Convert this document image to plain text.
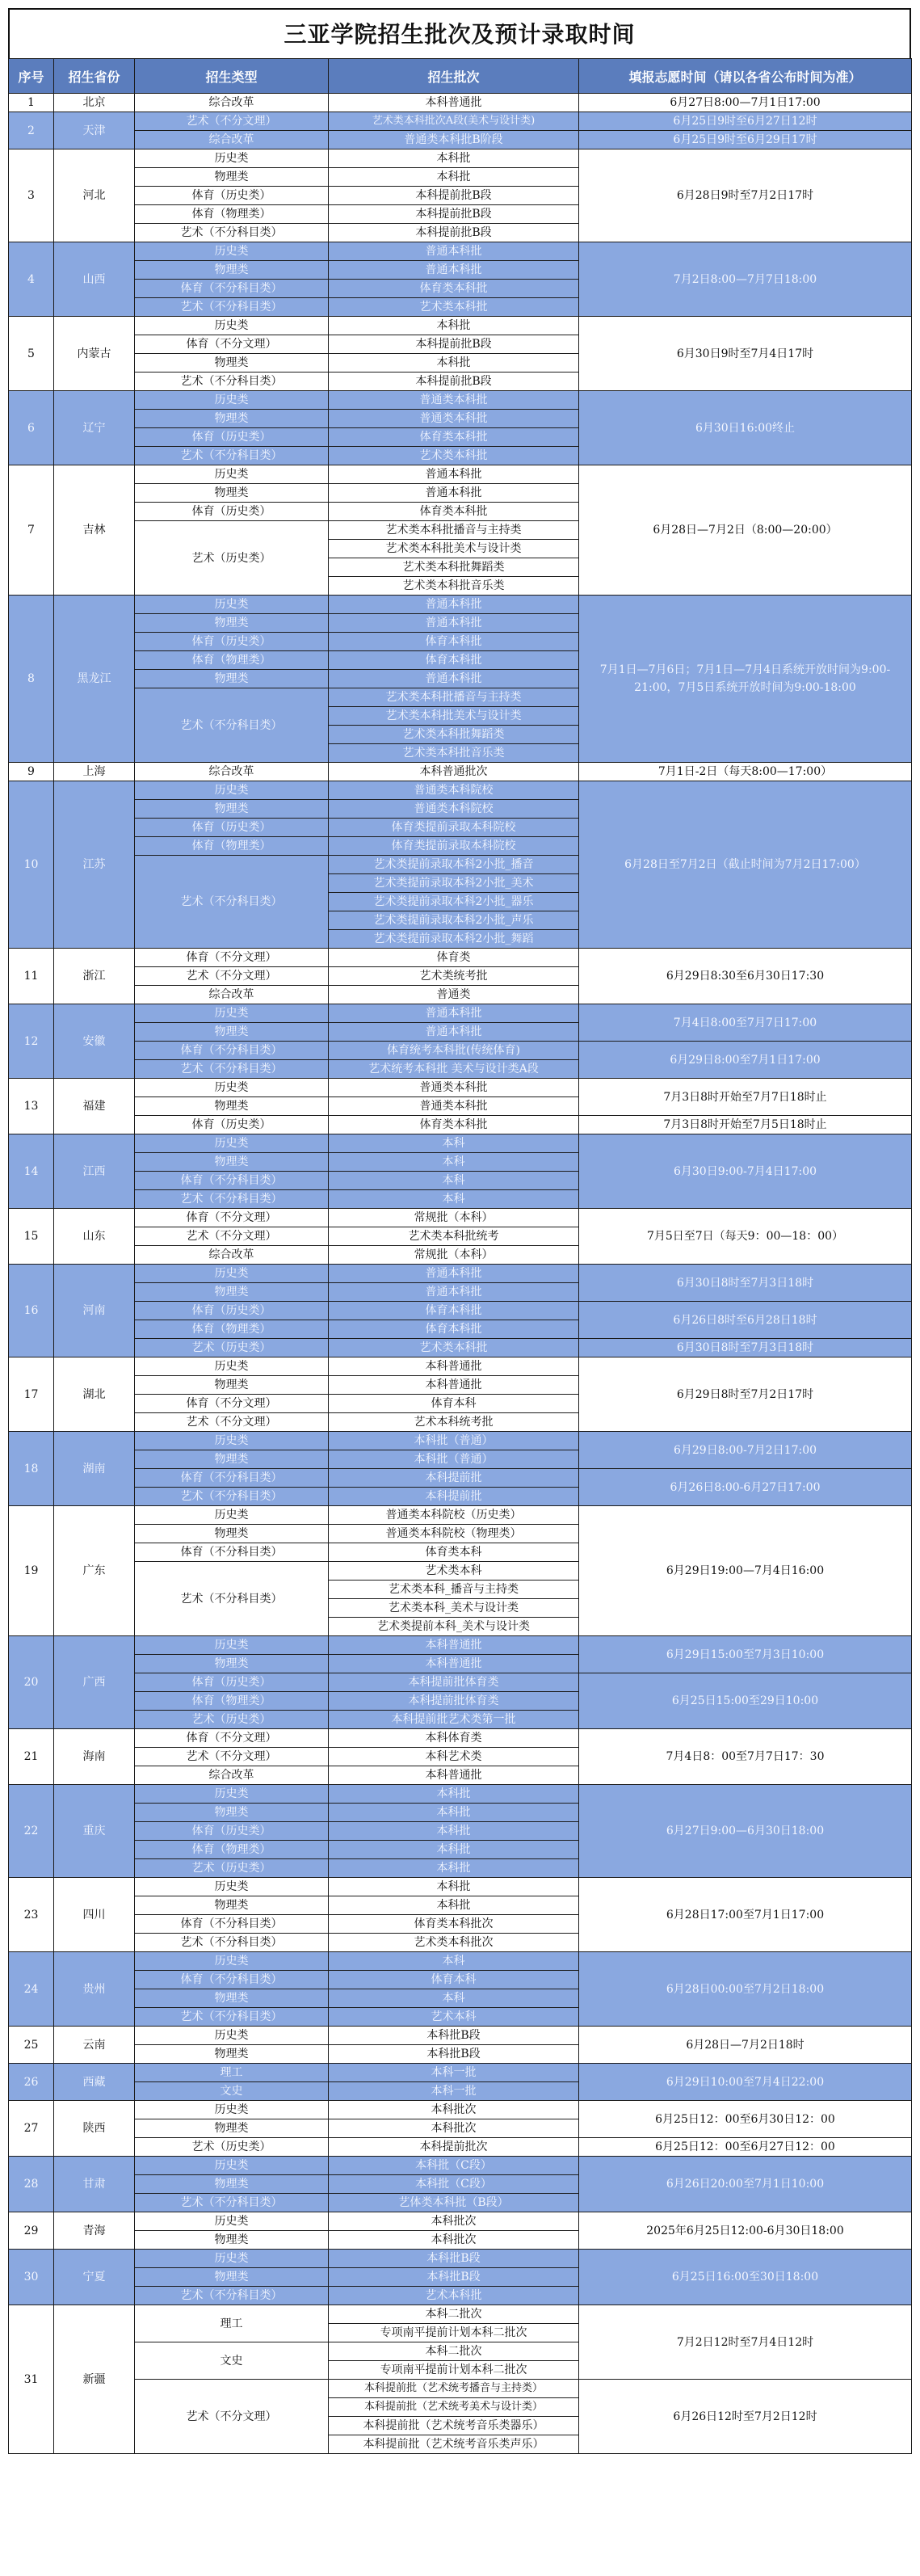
三亚学院招生批次及预计录取时间
序号	招生省份	招生类型	招生批次	填报志愿时间（请以各省公布时间为准）
1	北京	综合改革	本科普通批	6月27日8:00—7月1日17:00
2	天津	艺术（不分文理）	艺术类本科批次A段(美术与设计类)	6月25日9时至6月27日12时
		综合改革	普通类本科批B阶段	6月25日9时至6月29日17时
3	河北	历史类	本科批	6月28日9时至7月2日17时
		物理类	本科批	
		体育（历史类）	本科提前批B段	
		体育（物理类）	本科提前批B段	
		艺术（不分科目类）	本科提前批B段	
4	山西	历史类	普通本科批	7月2日8:00—7月7日18:00
		物理类	普通本科批	
		体育（不分科目类）	体育类本科批	
		艺术（不分科目类）	艺术类本科批	
5	内蒙古	历史类	本科批	6月30日9时至7月4日17时
		体育（不分文理）	本科提前批B段	
		物理类	本科批	
		艺术（不分科目类）	本科提前批B段	
6	辽宁	历史类	普通类本科批	6月30日16:00终止
		物理类	普通类本科批	
		体育（历史类）	体育类本科批	
		艺术（不分科目类）	艺术类本科批	
7	吉林	历史类	普通本科批	6月28日—7月2日（8:00—20:00）
		物理类	普通本科批	
		体育（历史类）	体育类本科批	
		艺术（历史类）	艺术类本科批播音与主持类	
			艺术类本科批美术与设计类	
			艺术类本科批舞蹈类	
			艺术类本科批音乐类	
8	黑龙江	历史类	普通本科批	7月1日—7月6日；7月1日—7月4日系统开放时间为9:00-21:00，7月5日系统开放时间为9:00-18:00
		物理类	普通本科批	
		体育（历史类）	体育本科批	
		体育（物理类）	体育本科批	
		物理类	普通本科批	
		艺术（不分科目类）	艺术类本科批播音与主持类	
			艺术类本科批美术与设计类	
			艺术类本科批舞蹈类	
			艺术类本科批音乐类	
9	上海	综合改革	本科普通批次	7月1日-2日（每天8:00—17:00）
10	江苏	历史类	普通类本科院校	6月28日至7月2日（截止时间为7月2日17:00）
		物理类	普通类本科院校	
		体育（历史类）	体育类提前录取本科院校	
		体育（物理类）	体育类提前录取本科院校	
		艺术（不分科目类）	艺术类提前录取本科2小批_播音	
			艺术类提前录取本科2小批_美术	
			艺术类提前录取本科2小批_器乐	
			艺术类提前录取本科2小批_声乐	
			艺术类提前录取本科2小批_舞蹈	
11	浙江	体育（不分文理）	体育类	6月29日8:30至6月30日17:30
		艺术（不分文理）	艺术类统考批	
		综合改革	普通类	
12	安徽	历史类	普通本科批	7月4日8:00至7月7日17:00
		物理类	普通本科批	
		体育（不分科目类）	体育统考本科批(传统体育)	6月29日8:00至7月1日17:00
		艺术（不分科目类）	艺术统考本科批 美术与设计类A段	
13	福建	历史类	普通类本科批	7月3日8时开始至7月7日18时止
		物理类	普通类本科批	
		体育（历史类）	体育类本科批	7月3日8时开始至7月5日18时止
14	江西	历史类	本科	6月30日9:00-7月4日17:00
		物理类	本科	
		体育（不分科目类）	本科	
		艺术（不分科目类）	本科	
15	山东	体育（不分文理）	常规批（本科）	7月5日至7日（每天9：00—18：00）
		艺术（不分文理）	艺术类本科批统考	
		综合改革	常规批（本科）	
16	河南	历史类	普通本科批	6月30日8时至7月3日18时
		物理类	普通本科批	
		体育（历史类）	体育本科批	6月26日8时至6月28日18时
		体育（物理类）	体育本科批	
		艺术（历史类）	艺术类本科批	6月30日8时至7月3日18时
17	湖北	历史类	本科普通批	6月29日8时至7月2日17时
		物理类	本科普通批	
		体育（不分文理）	体育本科	
		艺术（不分文理）	艺术本科统考批	
18	湖南	历史类	本科批（普通）	6月29日8:00-7月2日17:00
		物理类	本科批（普通）	
		体育（不分科目类）	本科提前批	6月26日8:00-6月27日17:00
		艺术（不分科目类）	本科提前批	
19	广东	历史类	普通类本科院校（历史类）	6月29日19:00—7月4日16:00
		物理类	普通类本科院校（物理类）	
		体育（不分科目类）	体育类本科	
		艺术（不分科目类）	艺术类本科	
			艺术类本科_播音与主持类	
			艺术类本科_美术与设计类	
			艺术类提前本科_美术与设计类	
20	广西	历史类	本科普通批	6月29日15:00至7月3日10:00
		物理类	本科普通批	
		体育（历史类）	本科提前批体育类	6月25日15:00至29日10:00
		体育（物理类）	本科提前批体育类	
		艺术（历史类）	本科提前批艺术类第一批	
21	海南	体育（不分文理）	本科体育类	7月4日8：00至7月7日17：30
		艺术（不分文理）	本科艺术类	
		综合改革	本科普通批	
22	重庆	历史类	本科批	6月27日9:00—6月30日18:00
		物理类	本科批	
		体育（历史类）	本科批	
		体育（物理类）	本科批	
		艺术（历史类）	本科批	
23	四川	历史类	本科批	6月28日17:00至7月1日17:00
		物理类	本科批	
		体育（不分科目类）	体育类本科批次	
		艺术（不分科目类）	艺术类本科批次	
24	贵州	历史类	本科	6月28日00:00至7月2日18:00
		体育（不分科目类）	体育本科	
		物理类	本科	
		艺术（不分科目类）	艺术本科	
25	云南	历史类	本科批B段	6月28日—7月2日18时
		物理类	本科批B段	
26	西藏	理工	本科一批	6月29日10:00至7月4日22:00
		文史	本科一批	
27	陕西	历史类	本科批次	6月25日12：00至6月30日12：00
		物理类	本科批次	
		艺术（历史类）	本科提前批次	6月25日12：00至6月27日12：00
28	甘肃	历史类	本科批（C段）	6月26日20:00至7月1日10:00
		物理类	本科批（C段）	
		艺术（不分科目类）	艺体类本科批（B段）	
29	青海	历史类	本科批次	2025年6月25日12:00-6月30日18:00
		物理类	本科批次	
30	宁夏	历史类	本科批B段	6月25日16:00至30日18:00
		物理类	本科批B段	
		艺术（不分科目类）	艺术本科批	
31	新疆	理工	本科二批次	7月2日12时至7月4日12时
			专项南平提前计划本科二批次	
		文史	本科二批次	
			专项南平提前计划本科二批次	
		艺术（不分文理）	本科提前批（艺术统考播音与主持类）	6月26日12时至7月2日12时
			本科提前批（艺术统考美术与设计类）	
			本科提前批（艺术统考音乐类器乐）	
			本科提前批（艺术统考音乐类声乐）	
